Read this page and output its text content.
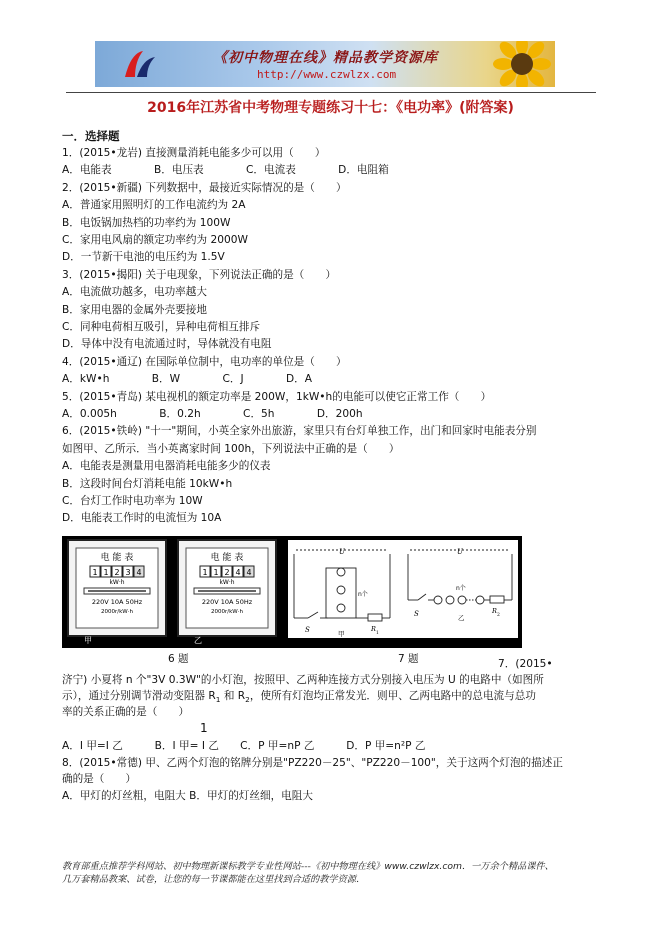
《初中物理在线》精品教学资源库
http://www.czwlzx.com
2016年江苏省中考物理专题练习十七：《电功率》(附答案)
一．选择题
1．(2015•龙岩) 直接测量消耗电能多少可以用（　　）
A．电能表　　　　B．电压表　　　　C．电流表　　　　D．电阻箱
2．(2015•新疆) 下列数据中，最接近实际情况的是（　　）
A．普通家用照明灯的工作电流约为 2A
B．电饭锅加热档的功率约为 100W
C．家用电风扇的额定功率约为 2000W
D．一节新干电池的电压约为 1.5V
3．(2015•揭阳) 关于电现象，下列说法正确的是（　　）
A．电流做功越多，电功率越大
B．家用电器的金属外壳要接地
C．同种电荷相互吸引，异种电荷相互排斥
D．导体中没有电流通过时，导体就没有电阻
4．(2015•通辽) 在国际单位制中，电功率的单位是（　　）
A．kW•h　　　　B．W　　　　C．J　　　　D．A
5．(2015•青岛) 某电视机的额定功率是 200W，1kW•h的电能可以使它正常工作（　　）
A．0.005h　　　　B．0.2h　　　　C．5h　　　　D．200h
6．(2015•铁岭) "十一"期间，小英全家外出旅游，家里只有台灯单独工作，出门和回家时电能表分别
如图甲、乙所示．当小英离家时间 100h，下列说法中正确的是（　　）
A．电能表是测量用电器消耗电能多少的仪表
B．这段时间台灯消耗电能 10kW•h
C．台灯工作时电功率为 10W
D．电能表工作时的电流恒为 10A
电 能 表
1 1 2 3 4
kW·h
220V 10A 50Hz
2000r/kW·h
电 能 表
1 1 2 4 4
kW·h
220V 10A 50Hz
2000r/kW·h
甲	乙
U
S
n个
R
1
甲
U
S
n个
R
2
乙
6 题	7 题	7．(2015•
济宁) 小夏将 n 个"3V 0.3W"的小灯泡，按照甲、乙两种连接方式分别接入电压为 U 的电路中（如图所
示），通过分别调节滑动变阻器 $R_1$ 和 $R_2$，使所有灯泡均正常发光．则甲、乙两电路中的总电流与总功
率的关系正确的是（　　）
1
A．I 甲=I 乙　　　B．I 甲= I 乙　　C．P 甲=nP 乙　　　D．P 甲=n²P 乙
8．(2015•常德) 甲、乙两个灯泡的铭牌分别是"PZ220－25"、"PZ220－100"，关于这两个灯泡的描述正
确的是（　　）
A．甲灯的灯丝粗，电阻大 B．甲灯的灯丝细，电阻大
教育部重点推荐学科网站、初中物理新课标教学专业性网站---《初中物理在线》www.czwlzx.com．一万余个精品课件、
几万套精品教案、试卷，让您的每一节课都能在这里找到合适的教学资源．
